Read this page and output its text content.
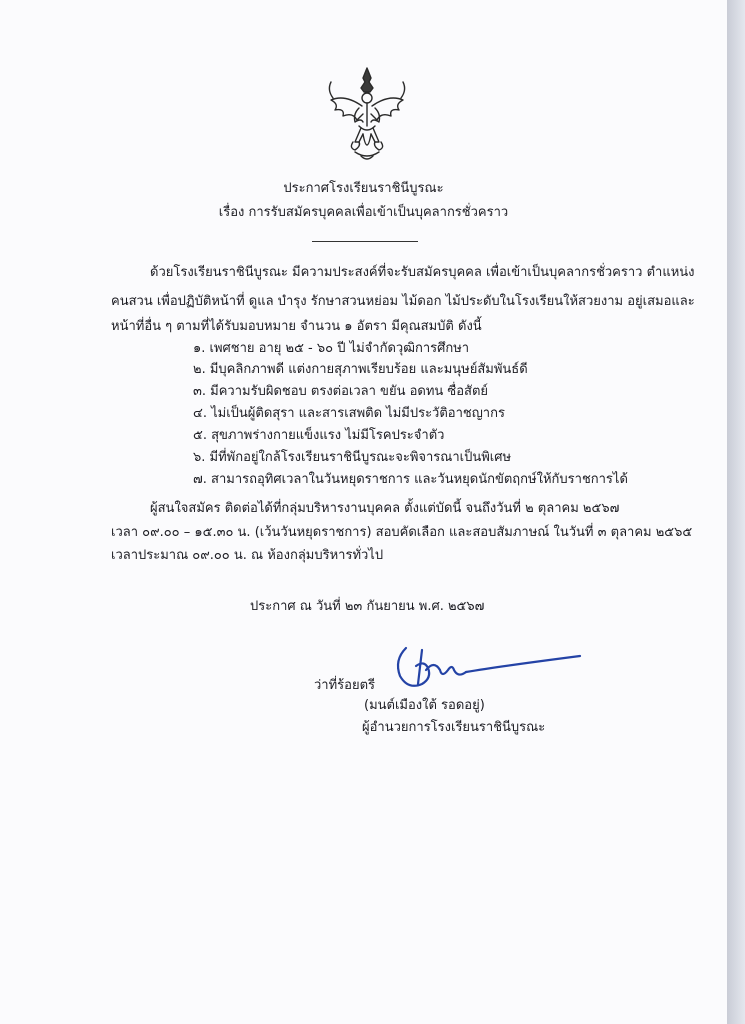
ประกาศโรงเรียนราชินีบูรณะ
เรื่อง การรับสมัครบุคคลเพื่อเข้าเป็นบุคลากรชั่วคราว
ด้วยโรงเรียนราชินีบูรณะ มีความประสงค์ที่จะรับสมัครบุคคล เพื่อเข้าเป็นบุคลากรชั่วคราว ตำแหน่ง
คนสวน เพื่อปฏิบัติหน้าที่ ดูแล บำรุง รักษาสวนหย่อม ไม้ดอก ไม้ประดับในโรงเรียนให้สวยงาม อยู่เสมอและ
หน้าที่อื่น ๆ ตามที่ได้รับมอบหมาย จำนวน ๑ อัตรา มีคุณสมบัติ ดังนี้
๑. เพศชาย อายุ ๒๕ - ๖๐ ปี ไม่จำกัดวุฒิการศึกษา
๒. มีบุคลิกภาพดี แต่งกายสุภาพเรียบร้อย และมนุษย์สัมพันธ์ดี
๓. มีความรับผิดชอบ ตรงต่อเวลา ขยัน อดทน ซื่อสัตย์
๔. ไม่เป็นผู้ติดสุรา และสารเสพติด ไม่มีประวัติอาชญากร
๕. สุขภาพร่างกายแข็งแรง ไม่มีโรคประจำตัว
๖. มีที่พักอยู่ใกล้โรงเรียนราชินีบูรณะจะพิจารณาเป็นพิเศษ
๗. สามารถอุทิศเวลาในวันหยุดราชการ และวันหยุดนักขัตฤกษ์ให้กับราชการได้
ผู้สนใจสมัคร ติดต่อได้ที่กลุ่มบริหารงานบุคคล ตั้งแต่บัดนี้ จนถึงวันที่ ๒ ตุลาคม ๒๕๖๗
เวลา ๐๙.๐๐ – ๑๕.๓๐ น. (เว้นวันหยุดราชการ) สอบคัดเลือก และสอบสัมภาษณ์ ในวันที่ ๓ ตุลาคม ๒๕๖๕
เวลาประมาณ ๐๙.๐๐ น. ณ ห้องกลุ่มบริหารทั่วไป
ประกาศ ณ วันที่ ๒๓ กันยายน พ.ศ. ๒๕๖๗
ว่าที่ร้อยตรี
(มนต์เมืองใต้ รอดอยู่)
ผู้อำนวยการโรงเรียนราชินีบูรณะ
